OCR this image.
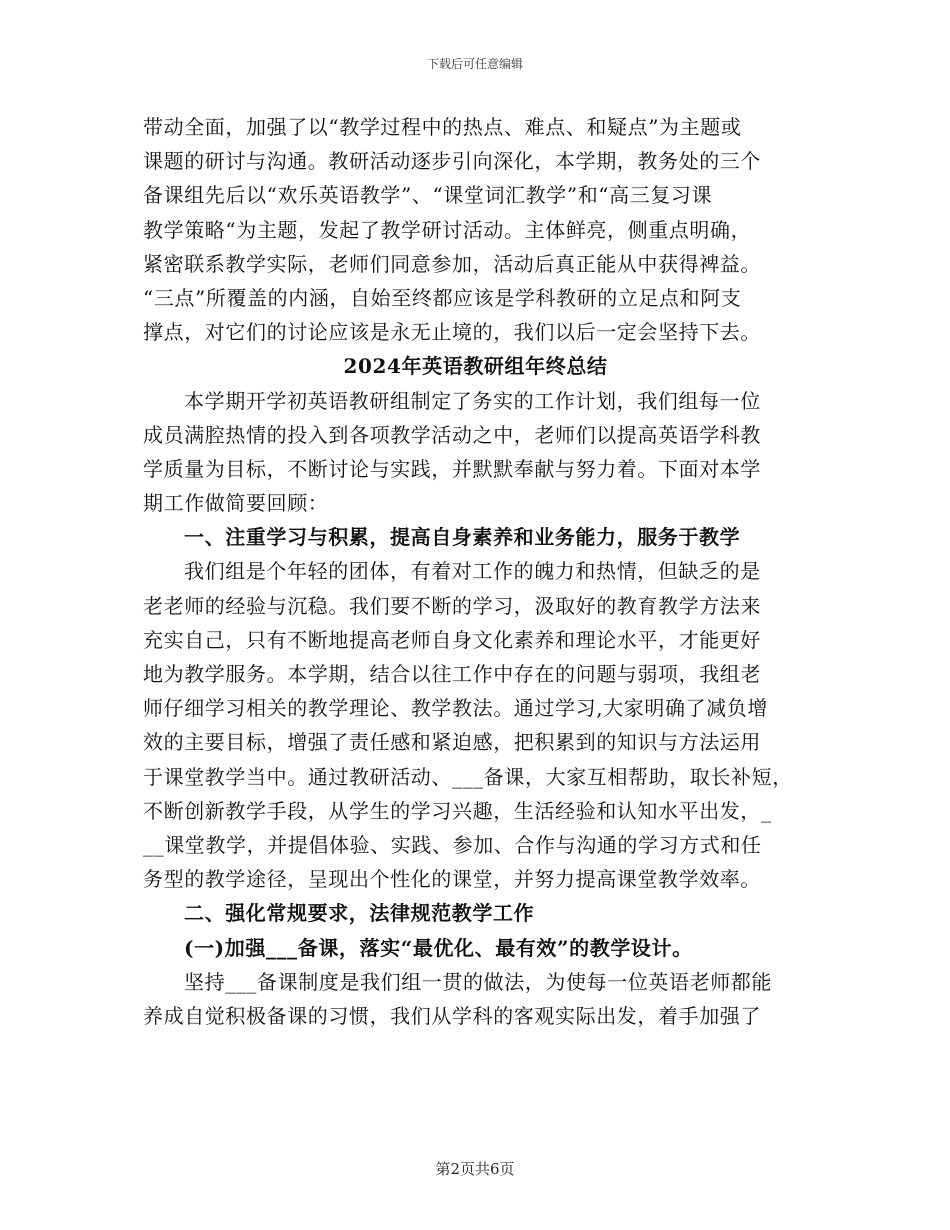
下载后可任意编辑
带动全面，加强了以“教学过程中的热点、难点、和疑点”为主题或
课题的研讨与沟通。教研活动逐步引向深化，本学期，教务处的三个
备课组先后以“欢乐英语教学”、“课堂词汇教学”和“高三复习课
教学策略“为主题，发起了教学研讨活动。主体鲜亮，侧重点明确，
紧密联系教学实际，老师们同意参加，活动后真正能从中获得裨益。
“三点”所覆盖的内涵，自始至终都应该是学科教研的立足点和阿支
撑点，对它们的讨论应该是永无止境的，我们以后一定会坚持下去。
2024年英语教研组年终总结
本学期开学初英语教研组制定了务实的工作计划，我们组每一位
成员满腔热情的投入到各项教学活动之中，老师们以提高英语学科教
学质量为目标，不断讨论与实践，并默默奉献与努力着。下面对本学
期工作做简要回顾：
一、注重学习与积累，提高自身素养和业务能力，服务于教学
我们组是个年轻的团体，有着对工作的魄力和热情，但缺乏的是
老老师的经验与沉稳。我们要不断的学习，汲取好的教育教学方法来
充实自己，只有不断地提高老师自身文化素养和理论水平，才能更好
地为教学服务。本学期，结合以往工作中存在的问题与弱项，我组老
师仔细学习相关的教学理论、教学教法。通过学习,大家明确了减负增
效的主要目标，增强了责任感和紧迫感，把积累到的知识与方法运用
于课堂教学当中。通过教研活动、___备课，大家互相帮助，取长补短，
不断创新教学手段，从学生的学习兴趣，生活经验和认知水平出发，_
__课堂教学，并提倡体验、实践、参加、合作与沟通的学习方式和任
务型的教学途径，呈现出个性化的课堂，并努力提高课堂教学效率。
二、强化常规要求，法律规范教学工作
(一)加强___备课，落实“最优化、最有效”的教学设计。
坚持___备课制度是我们组一贯的做法，为使每一位英语老师都能
养成自觉积极备课的习惯，我们从学科的客观实际出发，着手加强了
第2页共6页
